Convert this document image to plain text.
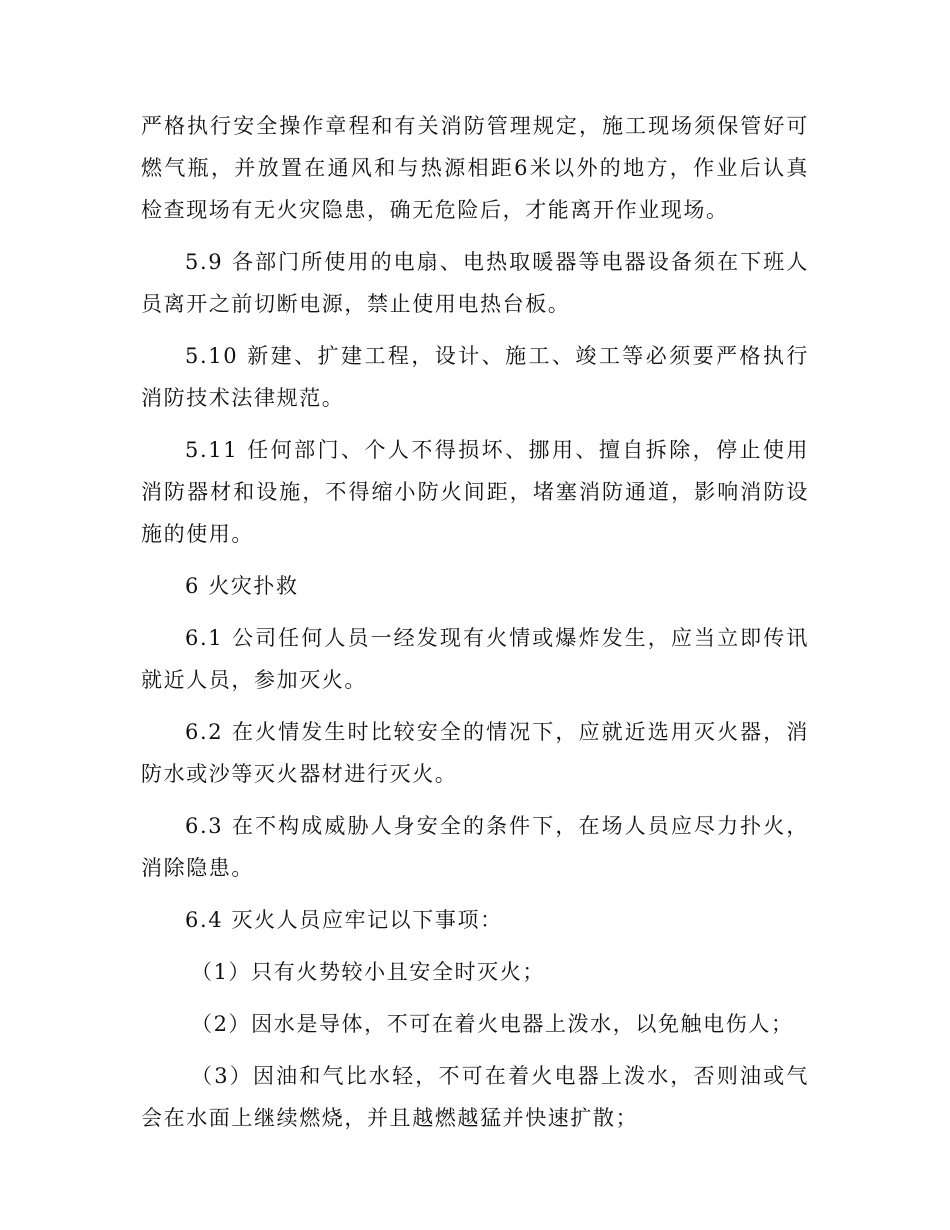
严格执行安全操作章程和有关消防管理规定，施工现场须保管好可燃气瓶，并放置在通风和与热源相距6米以外的地方，作业后认真检查现场有无火灾隐患，确无危险后，才能离开作业现场。

5.9 各部门所使用的电扇、电热取暖器等电器设备须在下班人员离开之前切断电源，禁止使用电热台板。

5.10 新建、扩建工程，设计、施工、竣工等必须要严格执行消防技术法律规范。

5.11 任何部门、个人不得损坏、挪用、擅自拆除，停止使用消防器材和设施，不得缩小防火间距，堵塞消防通道，影响消防设施的使用。

6 火灾扑救

6.1 公司任何人员一经发现有火情或爆炸发生，应当立即传讯就近人员，参加灭火。

6.2 在火情发生时比较安全的情况下，应就近选用灭火器，消防水或沙等灭火器材进行灭火。

6.3 在不构成威胁人身安全的条件下，在场人员应尽力扑火，消除隐患。

6.4 灭火人员应牢记以下事项：

（1）只有火势较小且安全时灭火；

（2）因水是导体，不可在着火电器上泼水，以免触电伤人；

（3）因油和气比水轻，不可在着火电器上泼水，否则油或气会在水面上继续燃烧，并且越燃越猛并快速扩散；
